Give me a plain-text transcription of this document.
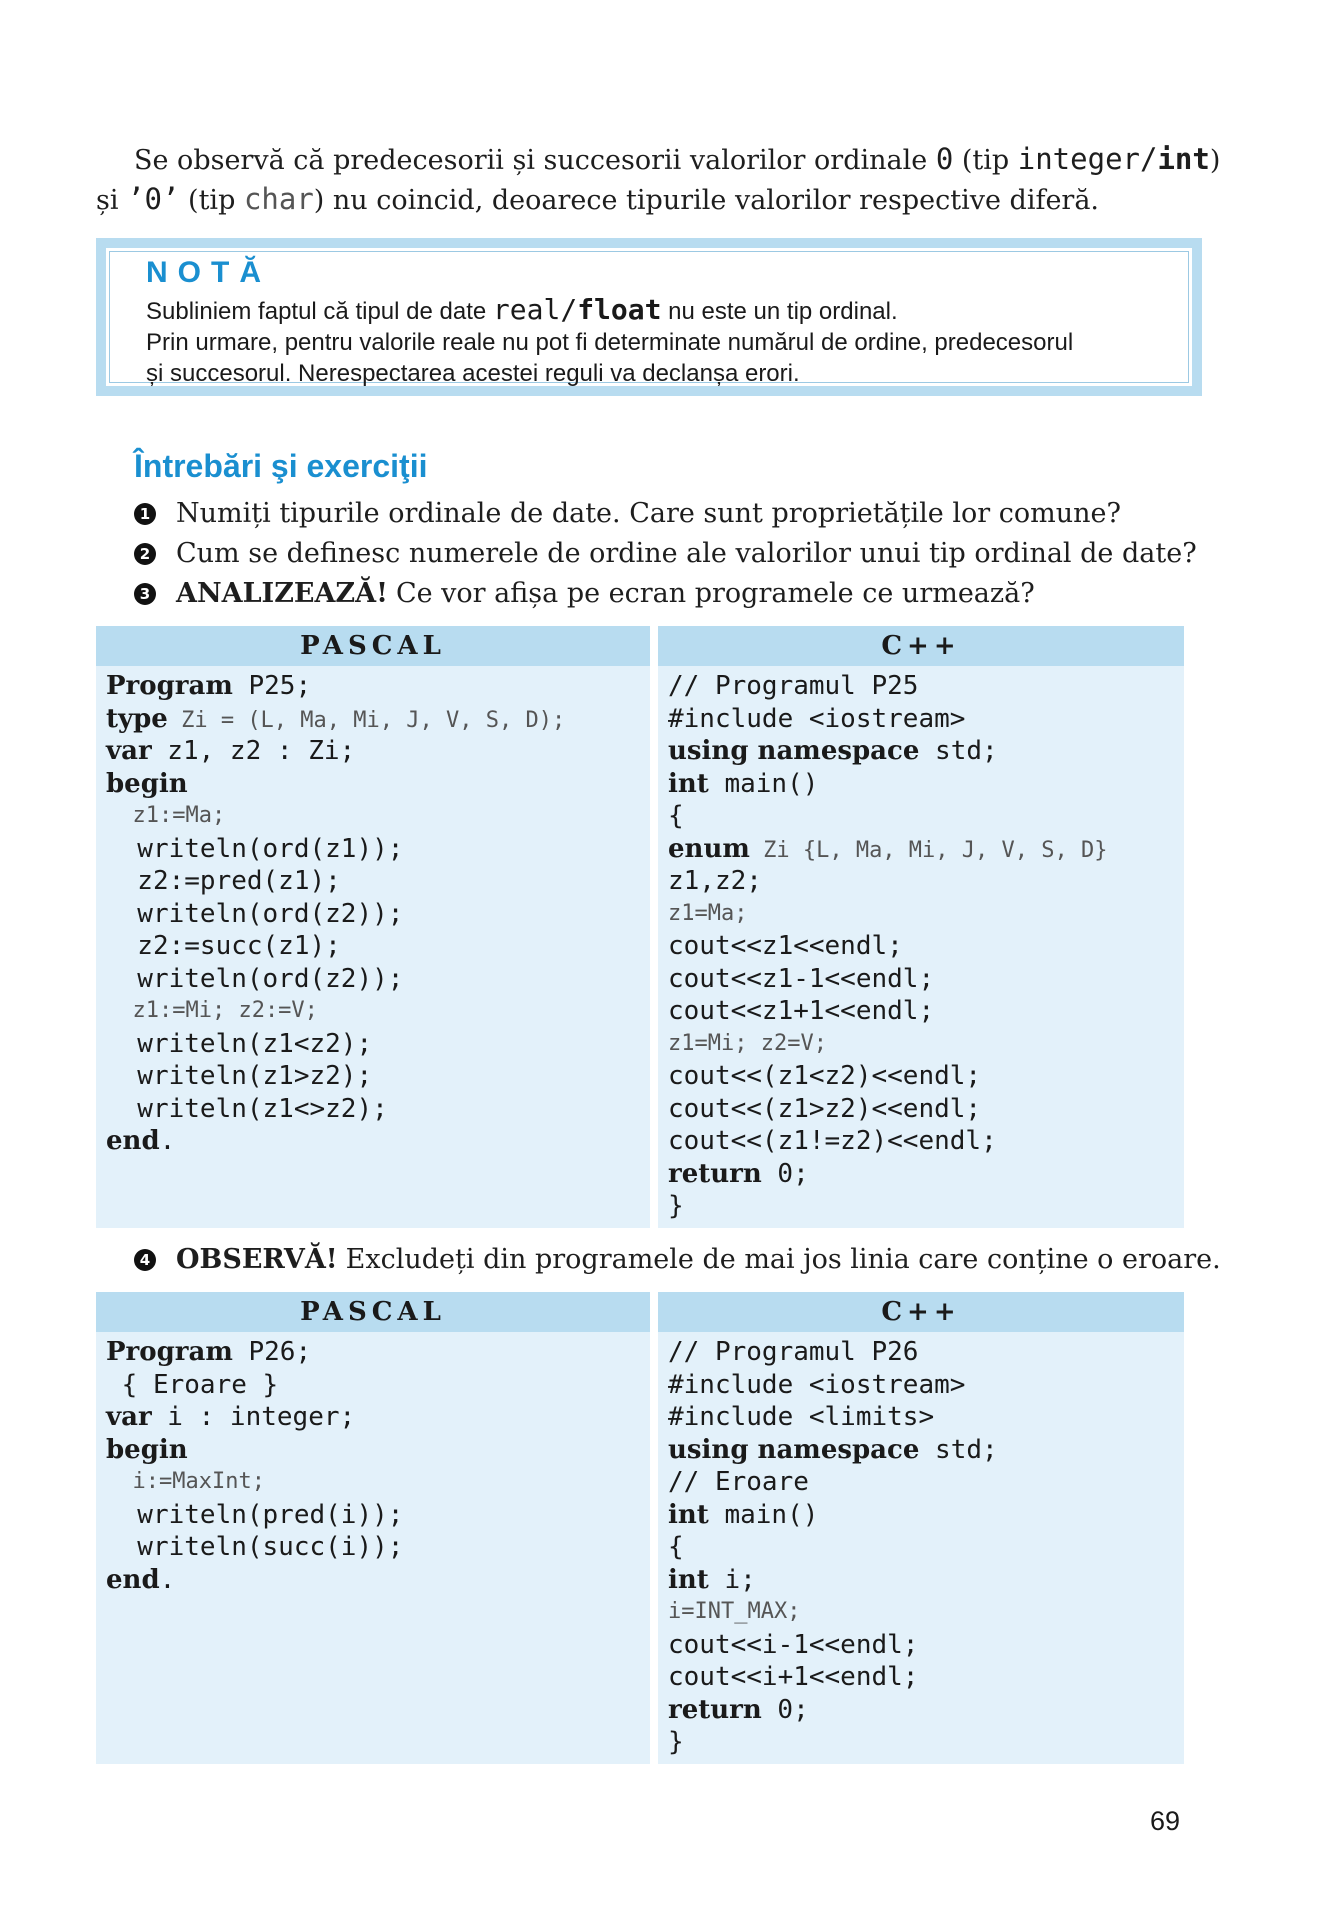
Se observă că predecesorii și succesorii valorilor ordinale 0 (tip integer/int)
și ’0’ (tip char) nu coincid, deoarece tipurile valorilor respective diferă.
NOTĂ
Subliniem faptul că tipul de date real/float nu este un tip ordinal.
Prin urmare, pentru valorile reale nu pot fi determinate numărul de ordine, predecesorul
și succesorul. Nerespectarea acestei reguli va declanșa erori.
Întrebări şi exerciţii
1 Numiți tipurile ordinale de date. Care sunt proprietățile lor comune?
2 Cum se definesc numerele de ordine ale valorilor unui tip ordinal de date?
3 ANALIZEAZĂ! Ce vor afișa pe ecran programele ce urmează?
PASCAL
Program P25;
type Zi = (L, Ma, Mi, J, V, S, D);
var z1, z2 : Zi;
begin
z1:=Ma;
writeln(ord(z1));
z2:=pred(z1);
writeln(ord(z2));
z2:=succ(z1);
writeln(ord(z2));
z1:=Mi; z2:=V;
writeln(z1<z2);
writeln(z1>z2);
writeln(z1<>z2);
end.
C++
// Programul P25
#include <iostream>
using namespace std;
int main()
{
enum Zi {L, Ma, Mi, J, V, S, D}
z1,z2;
z1=Ma;
cout<<z1<<endl;
cout<<z1-1<<endl;
cout<<z1+1<<endl;
z1=Mi; z2=V;
cout<<(z1<z2)<<endl;
cout<<(z1>z2)<<endl;
cout<<(z1!=z2)<<endl;
return 0;
}
4 OBSERVĂ! Excludeți din programele de mai jos linia care conține o eroare.
PASCAL
Program P26;
{ Eroare }
var i : integer;
begin
i:=MaxInt;
writeln(pred(i));
writeln(succ(i));
end.
C++
// Programul P26
#include <iostream>
#include <limits>
using namespace std;
// Eroare
int main()
{
int i;
i=INT_MAX;
cout<<i-1<<endl;
cout<<i+1<<endl;
return 0;
}
69
